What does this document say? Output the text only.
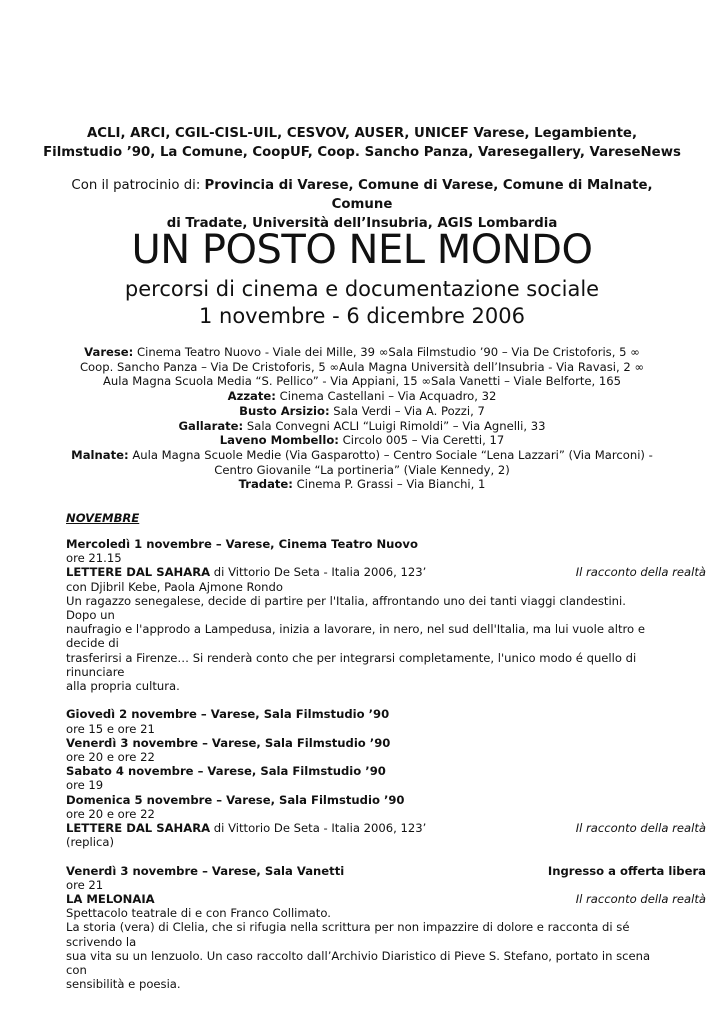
ACLI, ARCI, CGIL-CISL-UIL, CESVOV, AUSER, UNICEF Varese, Legambiente,
Filmstudio ’90, La Comune, CoopUF, Coop. Sancho Panza, Varesegallery, VareseNews
Con il patrocinio di: Provincia di Varese, Comune di Varese, Comune di Malnate, Comune
di Tradate, Università dell’Insubria, AGIS Lombardia
UN POSTO NEL MONDO
percorsi di cinema e documentazione sociale
1 novembre - 6 dicembre 2006
Varese: Cinema Teatro Nuovo - Viale dei Mille, 39 ∞Sala Filmstudio ’90 – Via De Cristoforis, 5 ∞
Coop. Sancho Panza – Via De Cristoforis, 5 ∞Aula Magna Università dell’Insubria - Via Ravasi, 2 ∞
Aula Magna Scuola Media “S. Pellico” - Via Appiani, 15 ∞Sala Vanetti – Viale Belforte, 165
Azzate: Cinema Castellani – Via Acquadro, 32
Busto Arsizio: Sala Verdi – Via A. Pozzi, 7
Gallarate: Sala Convegni ACLI “Luigi Rimoldi” – Via Agnelli, 33
Laveno Mombello: Circolo 005 – Via Ceretti, 17
Malnate: Aula Magna Scuole Medie (Via Gasparotto) – Centro Sociale “Lena Lazzari” (Via Marconi) -
Centro Giovanile “La portineria” (Viale Kennedy, 2)
Tradate: Cinema P. Grassi – Via Bianchi, 1
NOVEMBRE
Mercoledì 1 novembre – Varese, Cinema Teatro Nuovo
ore 21.15
LETTERE DAL SAHARA di Vittorio De Seta - Italia 2006, 123’	Il racconto della realtà
con Djibril Kebe, Paola Ajmone Rondo
Un ragazzo senegalese, decide di partire per l'Italia, affrontando uno dei tanti viaggi clandestini. Dopo un
naufragio e l'approdo a Lampedusa, inizia a lavorare, in nero, nel sud dell'Italia, ma lui vuole altro e decide di
trasferirsi a Firenze… Si renderà conto che per integrarsi completamente, l'unico modo é quello di rinunciare
alla propria cultura.
Giovedì 2 novembre – Varese, Sala Filmstudio ’90
ore 15 e ore 21
Venerdì 3 novembre – Varese, Sala Filmstudio ’90
ore 20 e ore 22
Sabato 4 novembre – Varese, Sala Filmstudio ’90
ore 19
Domenica 5 novembre – Varese, Sala Filmstudio ’90
ore 20 e ore 22
LETTERE DAL SAHARA di Vittorio De Seta - Italia 2006, 123’	Il racconto della realtà
(replica)
Venerdì 3 novembre – Varese, Sala Vanetti	Ingresso a offerta libera
ore 21
LA MELONAIA	Il racconto della realtà
Spettacolo teatrale di e con Franco Collimato.
La storia (vera) di Clelia, che si rifugia nella scrittura per non impazzire di dolore e racconta di sé scrivendo la
sua vita su un lenzuolo. Un caso raccolto dall’Archivio Diaristico di Pieve S. Stefano, portato in scena con
sensibilità e poesia.
